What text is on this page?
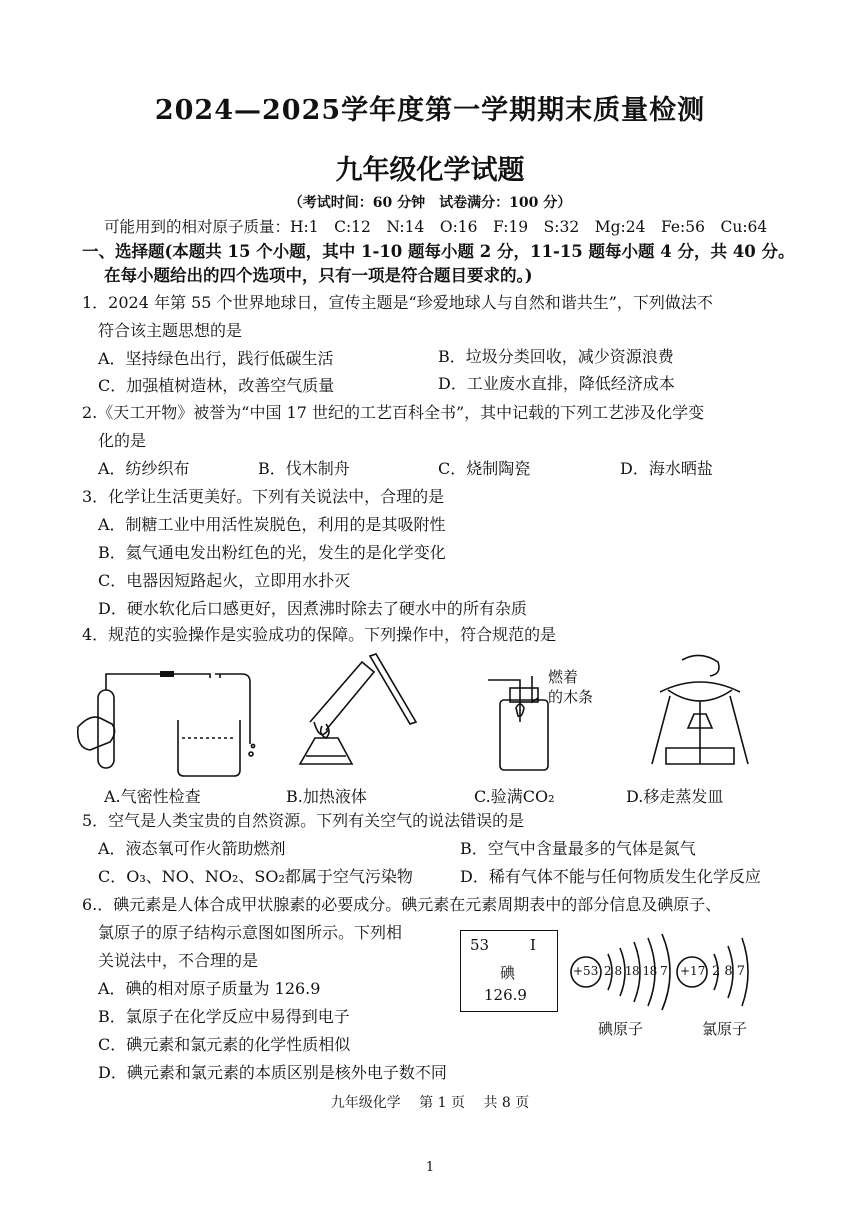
2024—2025学年度第一学期期末质量检测
九年级化学试题
（考试时间：60 分钟　试卷满分：100 分）
可能用到的相对原子质量：H:1　C:12　N:14　O:16　F:19　S:32　Mg:24　Fe:56　Cu:64
一、选择题(本题共 15 个小题，其中 1-10 题每小题 2 分，11-15 题每小题 4 分，共 40 分。
在每小题给出的四个选项中，只有一项是符合题目要求的。)
1．2024 年第 55 个世界地球日，宣传主题是“珍爱地球人与自然和谐共生”，下列做法不
符合该主题思想的是
A．坚持绿色出行，践行低碳生活	B．垃圾分类回收，减少资源浪费
C．加强植树造林，改善空气质量	D．工业废水直排，降低经济成本
2.《天工开物》被誉为“中国 17 世纪的工艺百科全书”，其中记载的下列工艺涉及化学变
化的是
A．纺纱织布	B．伐木制舟	C．烧制陶瓷	D．海水晒盐
3．化学让生活更美好。下列有关说法中，合理的是
A．制糖工业中用活性炭脱色，利用的是其吸附性
B．氦气通电发出粉红色的光，发生的是化学变化
C．电器因短路起火，立即用水扑灭
D．硬水软化后口感更好，因煮沸时除去了硬水中的所有杂质
4．规范的实验操作是实验成功的保障。下列操作中，符合规范的是
燃着
的木条
A.气密性检查	B.加热液体	C.验满CO₂	D.移走蒸发皿
5．空气是人类宝贵的自然资源。下列有关空气的说法错误的是
A．液态氧可作火箭助燃剂	B．空气中含量最多的气体是氮气
C．O₃、NO、NO₂、SO₂都属于空气污染物	D．稀有气体不能与任何物质发生化学反应
6.．碘元素是人体合成甲状腺素的必要成分。碘元素在元素周期表中的部分信息及碘原子、
氯原子的原子结构示意图如图所示。下列相
关说法中，不合理的是
A．碘的相对原子质量为 126.9
B．氯原子在化学反应中易得到电子
C．碘元素和氯元素的化学性质相似
D．碘元素和氯元素的本质区别是核外电子数不同
53	I
碘
126.9
+53 2 8 18 18 7 +17 2 8 7
碘原子	氯原子
九年级化学　 第 1 页　 共 8 页
1
